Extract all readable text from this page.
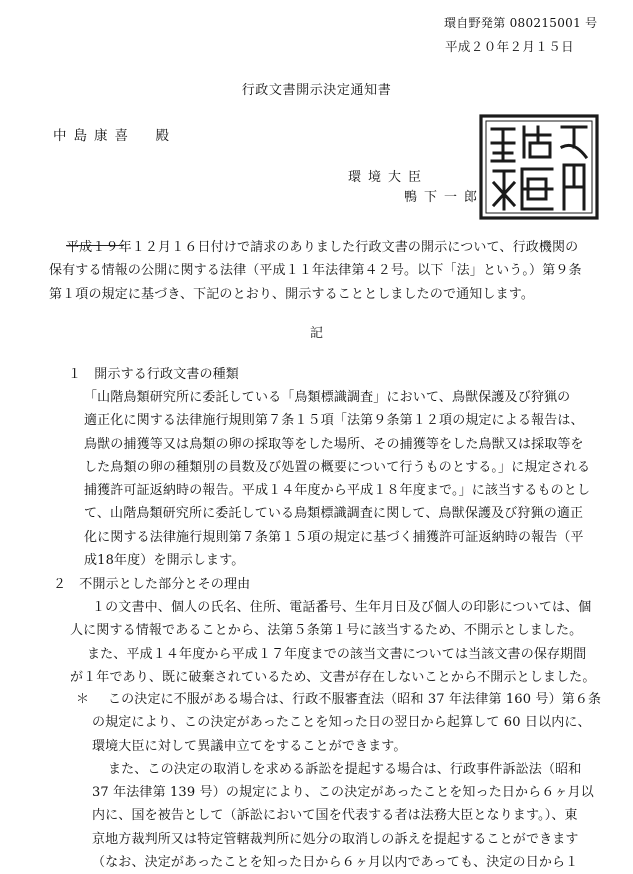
環自野発第 080215001 号
平成２０年２月１５日
行政文書開示決定通知書
中島康喜　殿
環境大臣
鴨下一郎
平成１９年１２月１６日付けで請求のありました行政文書の開示について、行政機関の
保有する情報の公開に関する法律（平成１１年法律第４２号。以下「法」という。）第９条
第１項の規定に基づき、下記のとおり、開示することとしましたので通知します。
記
１　開示する行政文書の種類
「山階鳥類研究所に委託している「鳥類標識調査」において、鳥獣保護及び狩猟の
適正化に関する法律施行規則第７条１５項「法第９条第１２項の規定による報告は、
鳥獣の捕獲等又は鳥類の卵の採取等をした場所、その捕獲等をした鳥獣又は採取等を
した鳥類の卵の種類別の員数及び処置の概要について行うものとする。」に規定される
捕獲許可証返納時の報告。平成１４年度から平成１８年度まで。」に該当するものとし
て、山階鳥類研究所に委託している鳥類標識調査に関して、鳥獣保護及び狩猟の適正
化に関する法律施行規則第７条第１５項の規定に基づく捕獲許可証返納時の報告（平
成18年度）を開示します。
２　不開示とした部分とその理由
１の文書中、個人の氏名、住所、電話番号、生年月日及び個人の印影については、個
人に関する情報であることから、法第５条第１号に該当するため、不開示としました。
また、平成１４年度から平成１７年度までの該当文書については当該文書の保存期間
が１年であり、既に破棄されているため、文書が存在しないことから不開示としました。
＊ この決定に不服がある場合は、行政不服審査法（昭和 37 年法律第 160 号）第６条
の規定により、この決定があったことを知った日の翌日から起算して 60 日以内に、
環境大臣に対して異議申立てをすることができます。
また、この決定の取消しを求める訴訟を提起する場合は、行政事件訴訟法（昭和
37 年法律第 139 号）の規定により、この決定があったことを知った日から６ヶ月以
内に、国を被告として（訴訟において国を代表する者は法務大臣となります。）、東
京地方裁判所又は特定管轄裁判所に処分の取消しの訴えを提起することができます
（なお、決定があったことを知った日から６ヶ月以内であっても、決定の日から１
